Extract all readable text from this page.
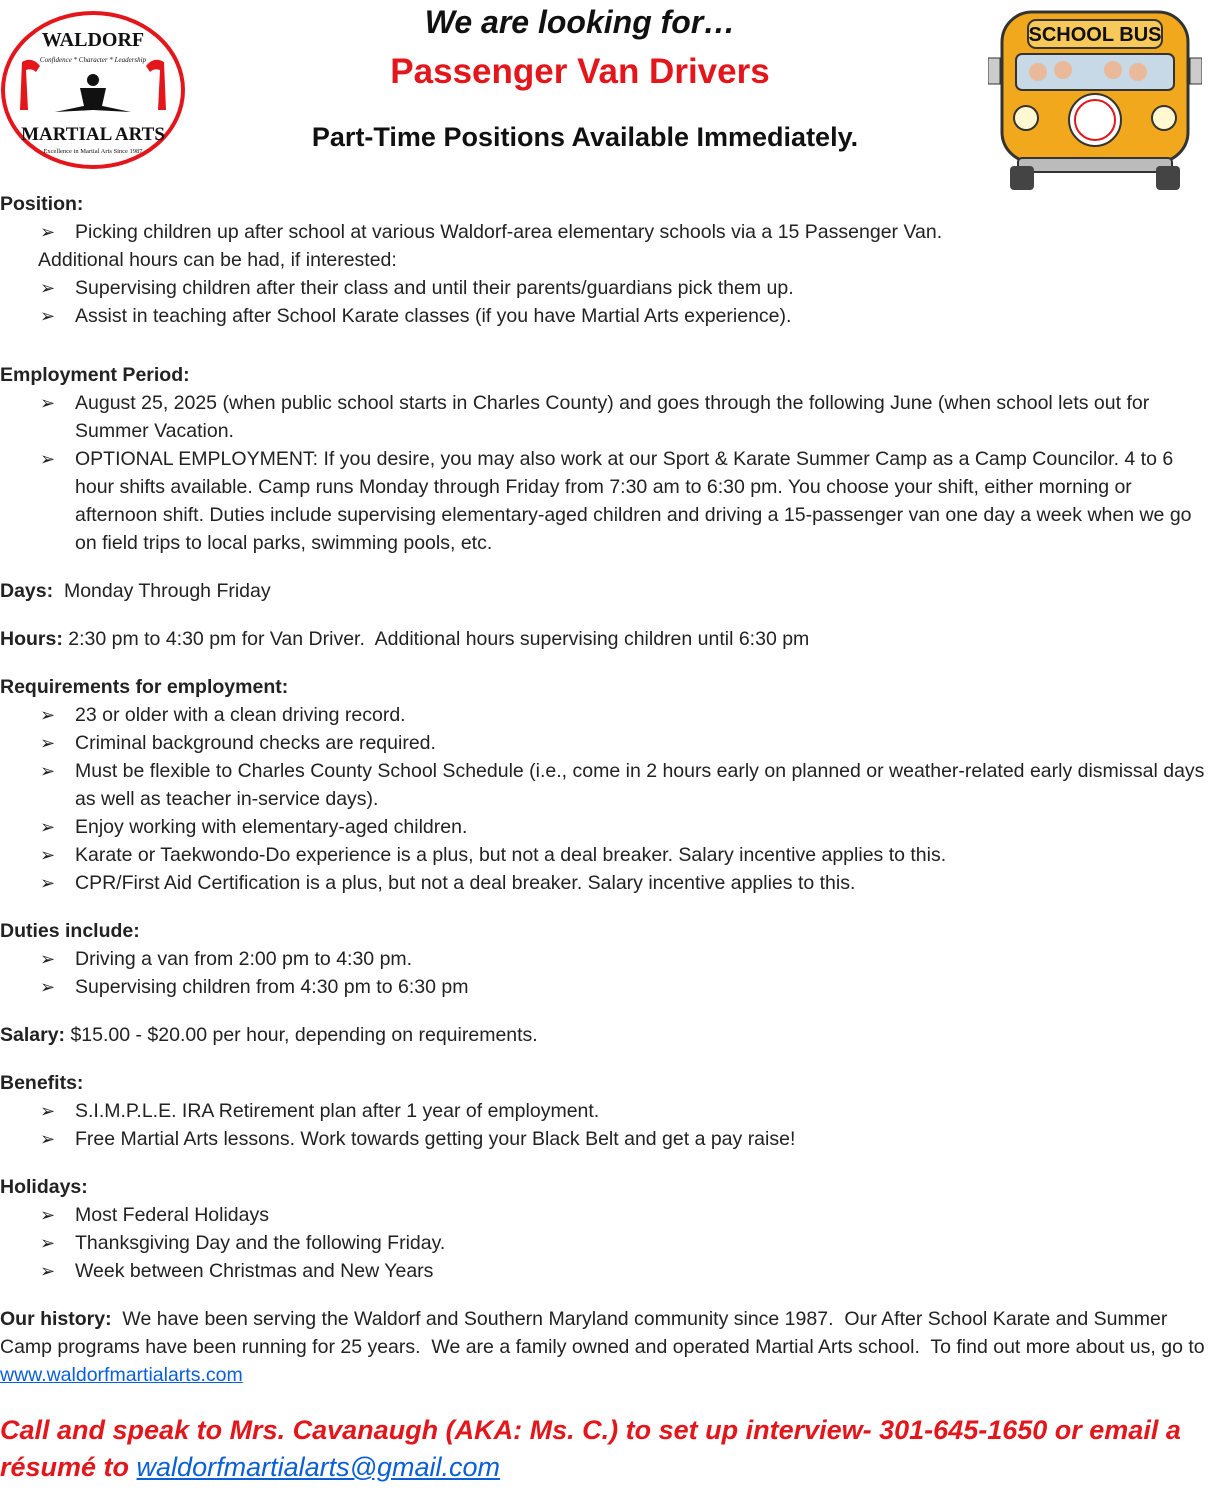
WALDORF
Confidence * Character * Leadership
MARTIAL ARTS
Excellence in Martial Arts Since 1987
We are looking for…
Passenger Van Drivers
Part-Time Positions Available Immediately.
SCHOOL BUS

Position:

➢ Picking children up after school at various Waldorf-area elementary schools via a 15 Passenger Van.
Additional hours can be had, if interested:
➢ Supervising children after their class and until their parents/guardians pick them up.
➢ Assist in teaching after School Karate classes (if you have Martial Arts experience).

Employment Period:

➢ August 25, 2025 (when public school starts in Charles County) and goes through the following June (when school lets out for Summer Vacation.
➢ OPTIONAL EMPLOYMENT: If you desire, you may also work at our Sport & Karate Summer Camp as a Camp Councilor. 4 to 6 hour shifts available. Camp runs Monday through Friday from 7:30 am to 6:30 pm. You choose your shift, either morning or afternoon shift. Duties include supervising elementary-aged children and driving a 15-passenger van one day a week when we go on field trips to local parks, swimming pools, etc.

Days:  Monday Through Friday

Hours: 2:30 pm to 4:30 pm for Van Driver.  Additional hours supervising children until 6:30 pm

Requirements for employment:

➢ 23 or older with a clean driving record.
➢ Criminal background checks are required.
➢ Must be flexible to Charles County School Schedule (i.e., come in 2 hours early on planned or weather-related early dismissal days as well as teacher in-service days).
➢ Enjoy working with elementary-aged children.
➢ Karate or Taekwondo-Do experience is a plus, but not a deal breaker. Salary incentive applies to this.
➢ CPR/First Aid Certification is a plus, but not a deal breaker. Salary incentive applies to this.

Duties include:

➢ Driving a van from 2:00 pm to 4:30 pm.
➢ Supervising children from 4:30 pm to 6:30 pm

Salary: $15.00 - $20.00 per hour, depending on requirements.

Benefits:

➢ S.I.M.P.L.E. IRA Retirement plan after 1 year of employment.
➢ Free Martial Arts lessons. Work towards getting your Black Belt and get a pay raise!

Holidays:

➢ Most Federal Holidays
➢ Thanksgiving Day and the following Friday.
➢ Week between Christmas and New Years

Our history:  We have been serving the Waldorf and Southern Maryland community since 1987.  Our After School Karate and Summer Camp programs have been running for 25 years.  We are a family owned and operated Martial Arts school.  To find out more about us, go to www.waldorfmartialarts.com

Call and speak to Mrs. Cavanaugh (AKA: Ms. C.) to set up interview- 301-645-1650 or email a résumé to waldorfmartialarts@gmail.com
